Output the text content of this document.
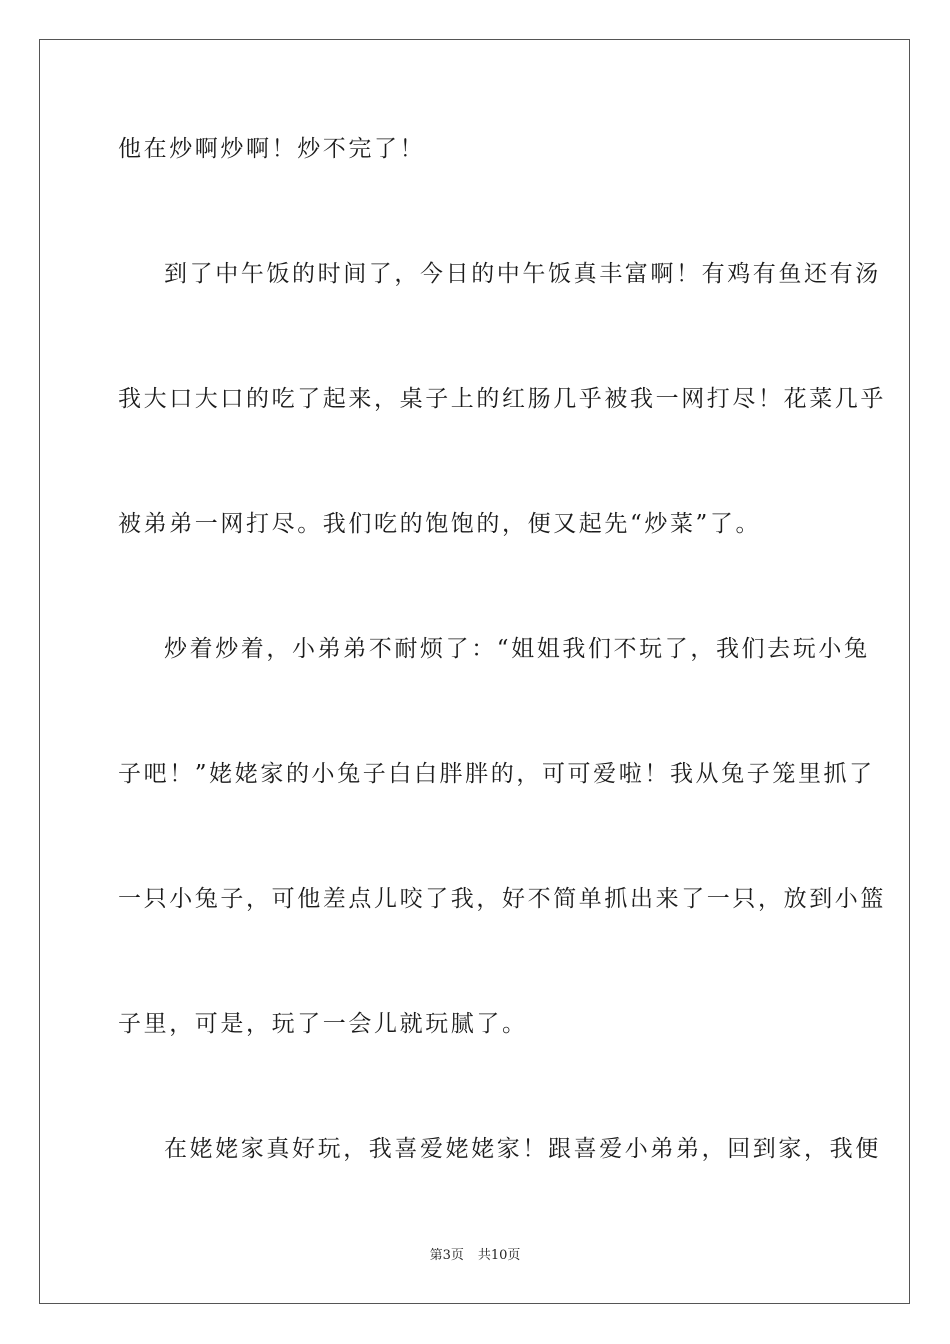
他在炒啊炒啊！炒不完了！
到了中午饭的时间了，今日的中午饭真丰富啊！有鸡有鱼还有汤
我大口大口的吃了起来，桌子上的红肠几乎被我一网打尽！花菜几乎
被弟弟一网打尽。我们吃的饱饱的，便又起先“炒菜”了。
炒着炒着，小弟弟不耐烦了：“姐姐我们不玩了，我们去玩小兔
子吧！”姥姥家的小兔子白白胖胖的，可可爱啦！我从兔子笼里抓了
一只小兔子，可他差点儿咬了我，好不简单抓出来了一只，放到小篮
子里，可是，玩了一会儿就玩腻了。
在姥姥家真好玩，我喜爱姥姥家！跟喜爱小弟弟，回到家，我便
第3页 共10页
